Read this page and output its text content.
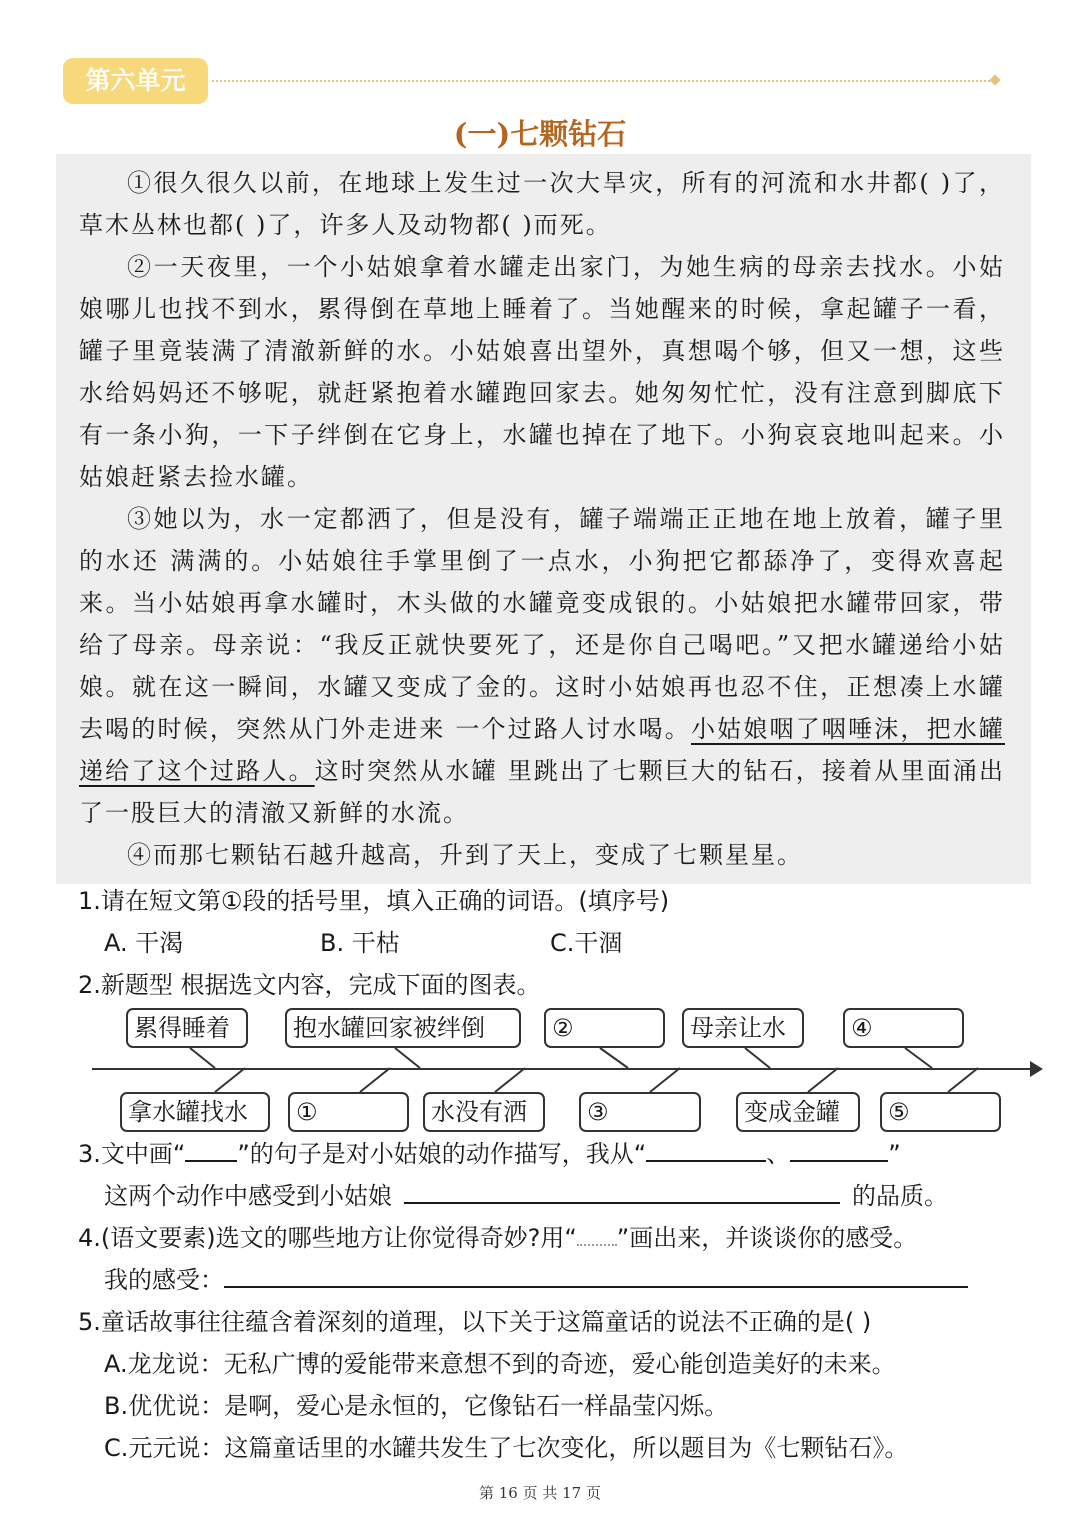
第六单元
(一)七颗钻石

①很久很久以前，在地球上发生过一次大旱灾，所有的河流和水井都( )了，草木丛林也都( )了，许多人及动物都( )而死。

②一天夜里，一个小姑娘拿着水罐走出家门，为她生病的母亲去找水。小姑娘哪儿也找不到水，累得倒在草地上睡着了。当她醒来的时候，拿起罐子一看，罐子里竟装满了清澈新鲜的水。小姑娘喜出望外，真想喝个够，但又一想，这些水给妈妈还不够呢，就赶紧抱着水罐跑回家去。她匆匆忙忙，没有注意到脚底下有一条小狗，一下子绊倒在它身上，水罐也掉在了地下。小狗哀哀地叫起来。小姑娘赶紧去捡水罐。

③她以为，水一定都洒了，但是没有，罐子端端正正地在地上放着，罐子里的水还 满满的。小姑娘往手掌里倒了一点水，小狗把它都舔净了，变得欢喜起来。当小姑娘再拿水罐时，木头做的水罐竟变成银的。小姑娘把水罐带回家，带给了母亲。母亲说：“我反正就快要死了，还是你自己喝吧。”又把水罐递给小姑娘。就在这一瞬间，水罐又变成了金的。这时小姑娘再也忍不住，正想凑上水罐去喝的时候，突然从门外走进来 一个过路人讨水喝。小姑娘咽了咽唾沫，把水罐递给了这个过路人。这时突然从水罐 里跳出了七颗巨大的钻石，接着从里面涌出了一股巨大的清澈又新鲜的水流。

④而那七颗钻石越升越高，升到了天上，变成了七颗星星。

1.请在短文第①段的括号里，填入正确的词语。(填序号)
A. 干渴	B. 干枯	C.干涸
2.新题型 根据选文内容，完成下面的图表。
累得睡着	抱水罐回家被绊倒	②	母亲让水	④
拿水罐找水	①	水没有洒	③	变成金罐	⑤
3.文中画“ ”的句子是对小姑娘的动作描写，我从“	、	”
这两个动作中感受到小姑娘	的品质。
4.(语文要素)选文的哪些地方让你觉得奇妙?用“ ”画出来，并谈谈你的感受。
我的感受：
5.童话故事往往蕴含着深刻的道理，以下关于这篇童话的说法不正确的是( )
A.龙龙说：无私广博的爱能带来意想不到的奇迹，爱心能创造美好的未来。
B.优优说：是啊，爱心是永恒的，它像钻石一样晶莹闪烁。
C.元元说：这篇童话里的水罐共发生了七次变化，所以题目为《七颗钻石》。
第 16 页 共 17 页
